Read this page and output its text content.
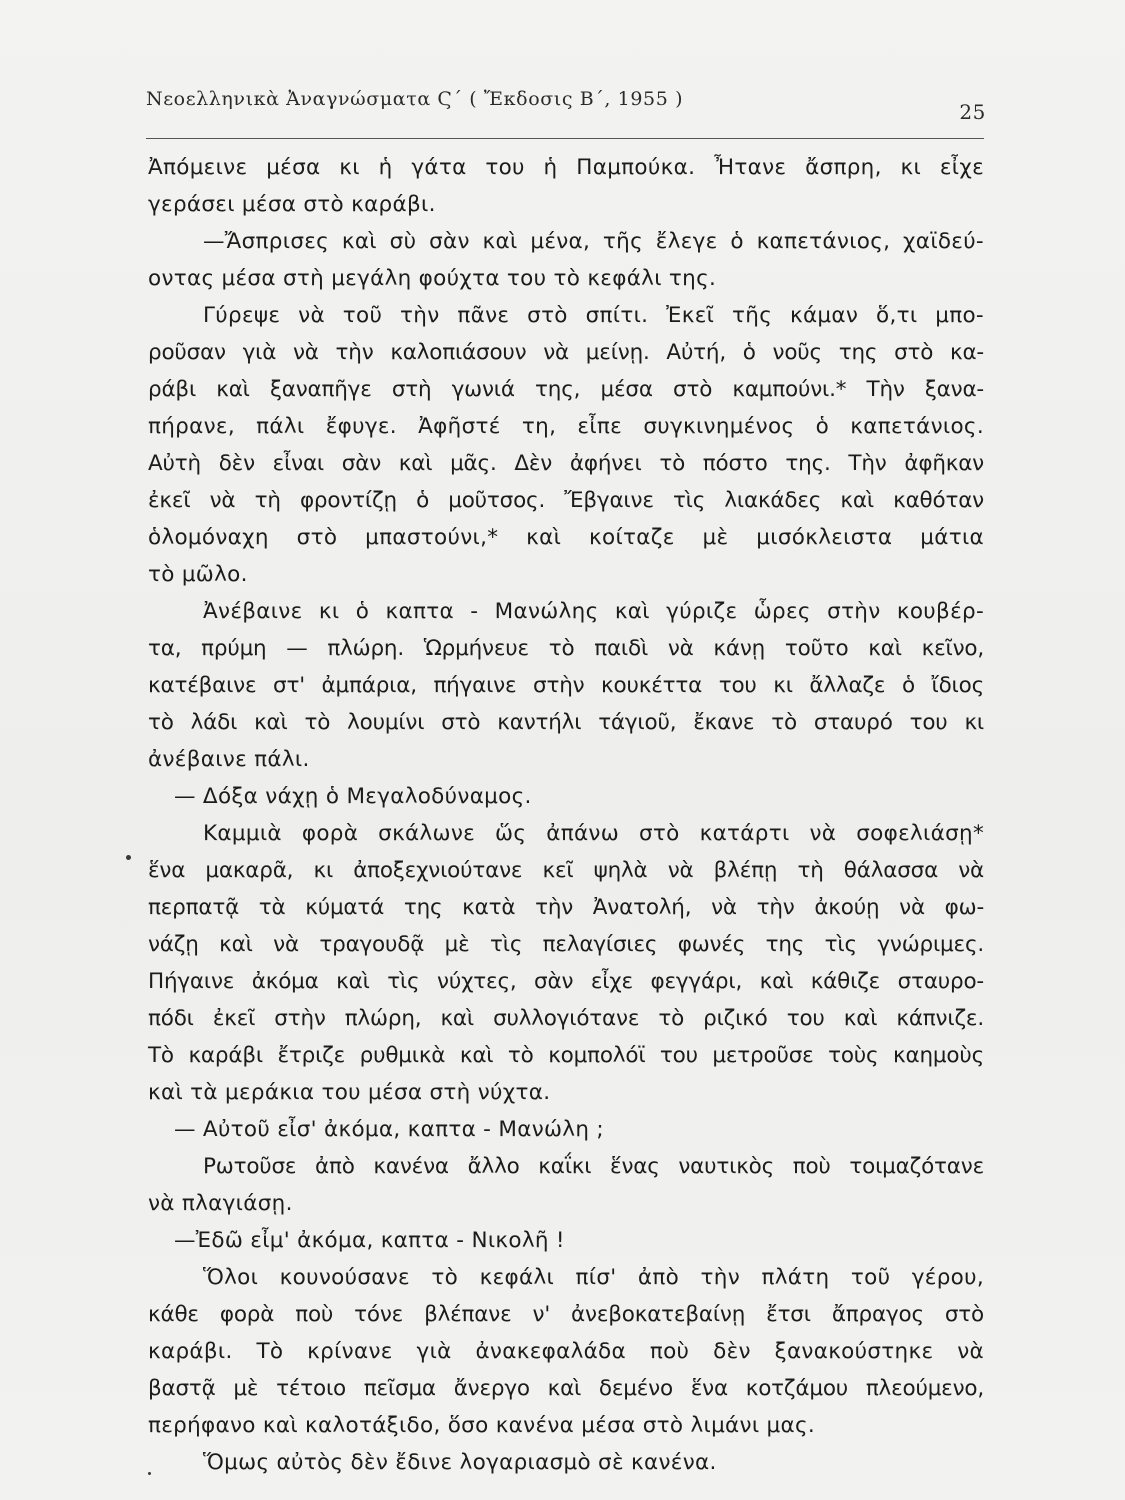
Νεοελληνικὰ Ἀναγνώσματα Ϛ΄ ( Ἔκδοσις Β΄, 1955 )
25
Ἀπόμεινε μέσα κι ἡ γάτα του ἡ Παμπούκα. Ἦτανε ἄσπρη, κι εἶχε
γεράσει μέσα στὸ καράβι.
—Ἄσπρισες καὶ σὺ σὰν καὶ μένα, τῆς ἔλεγε ὁ καπετάνιος, χαϊδεύ-
οντας μέσα στὴ μεγάλη φούχτα του τὸ κεφάλι της.
Γύρεψε νὰ τοῦ τὴν πᾶνε στὸ σπίτι. Ἐκεῖ τῆς κάμαν ὅ,τι μπο-
ροῦσαν γιὰ νὰ τὴν καλοπιάσουν νὰ μείνῃ. Αὐτή, ὁ νοῦς της στὸ κα-
ράβι καὶ ξαναπῆγε στὴ γωνιά της, μέσα στὸ καμπούνι.* Τὴν ξανα-
πήρανε, πάλι ἔφυγε. Ἀφῆστέ τη, εἶπε συγκινημένος ὁ καπετάνιος.
Αὐτὴ δὲν εἶναι σὰν καὶ μᾶς. Δὲν ἀφήνει τὸ πόστο της. Τὴν ἀφῆκαν
ἐκεῖ νὰ τὴ φροντίζῃ ὁ μοῦτσος. Ἔβγαινε τὶς λιακάδες καὶ καθόταν
ὁλομόναχη στὸ μπαστούνι,* καὶ κοίταζε μὲ μισόκλειστα μάτια
τὸ μῶλο.
Ἀνέβαινε κι ὁ καπτα - Μανώλης καὶ γύριζε ὧρες στὴν κουβέρ-
τα, πρύμη — πλώρη. Ὡρμήνευε τὸ παιδὶ νὰ κάνῃ τοῦτο καὶ κεῖνο,
κατέβαινε στ' ἀμπάρια, πήγαινε στὴν κουκέττα του κι ἄλλαζε ὁ ἴδιος
τὸ λάδι καὶ τὸ λουμίνι στὸ καντήλι τάγιοῦ, ἔκανε τὸ σταυρό του κι
ἀνέβαινε πάλι.
— Δόξα νάχῃ ὁ Μεγαλοδύναμος.
Καμμιὰ φορὰ σκάλωνε ὥς ἀπάνω στὸ κατάρτι νὰ σοφελιάσῃ*
ἕνα μακαρᾶ, κι ἀποξεχνιούτανε κεῖ ψηλὰ νὰ βλέπῃ τὴ θάλασσα νὰ
περπατᾷ τὰ κύματά της κατὰ τὴν Ἀνατολή, νὰ τὴν ἀκούῃ νὰ φω-
νάζῃ καὶ νὰ τραγουδᾷ μὲ τὶς πελαγίσιες φωνές της τὶς γνώριμες.
Πήγαινε ἀκόμα καὶ τὶς νύχτες, σὰν εἶχε φεγγάρι, καὶ κάθιζε σταυρο-
πόδι ἐκεῖ στὴν πλώρη, καὶ συλλογιότανε τὸ ριζικό του καὶ κάπνιζε.
Τὸ καράβι ἔτριζε ρυθμικὰ καὶ τὸ κομπολόϊ του μετροῦσε τοὺς καημοὺς
καὶ τὰ μεράκια του μέσα στὴ νύχτα.
— Αὐτοῦ εἶσ' ἀκόμα, καπτα - Μανώλη ;
Ρωτοῦσε ἀπὸ κανένα ἄλλο καΐκι ἕνας ναυτικὸς ποὺ τοιμαζότανε
νὰ πλαγιάσῃ.
—Ἐδῶ εἶμ' ἀκόμα, καπτα - Νικολῆ !
Ὅλοι κουνούσανε τὸ κεφάλι πίσ' ἀπὸ τὴν πλάτη τοῦ γέρου,
κάθε φορὰ ποὺ τόνε βλέπανε ν' ἀνεβοκατεβαίνῃ ἔτσι ἄπραγος στὸ
καράβι. Τὸ κρίνανε γιὰ ἀνακεφαλάδα ποὺ δὲν ξανακούστηκε νὰ
βαστᾷ μὲ τέτοιο πεῖσμα ἄνεργο καὶ δεμένο ἕνα κοτζάμου πλεούμενο,
περήφανο καὶ καλοτάξιδο, ὅσο κανένα μέσα στὸ λιμάνι μας.
Ὅμως αὐτὸς δὲν ἔδινε λογαριασμὸ σὲ κανένα.
